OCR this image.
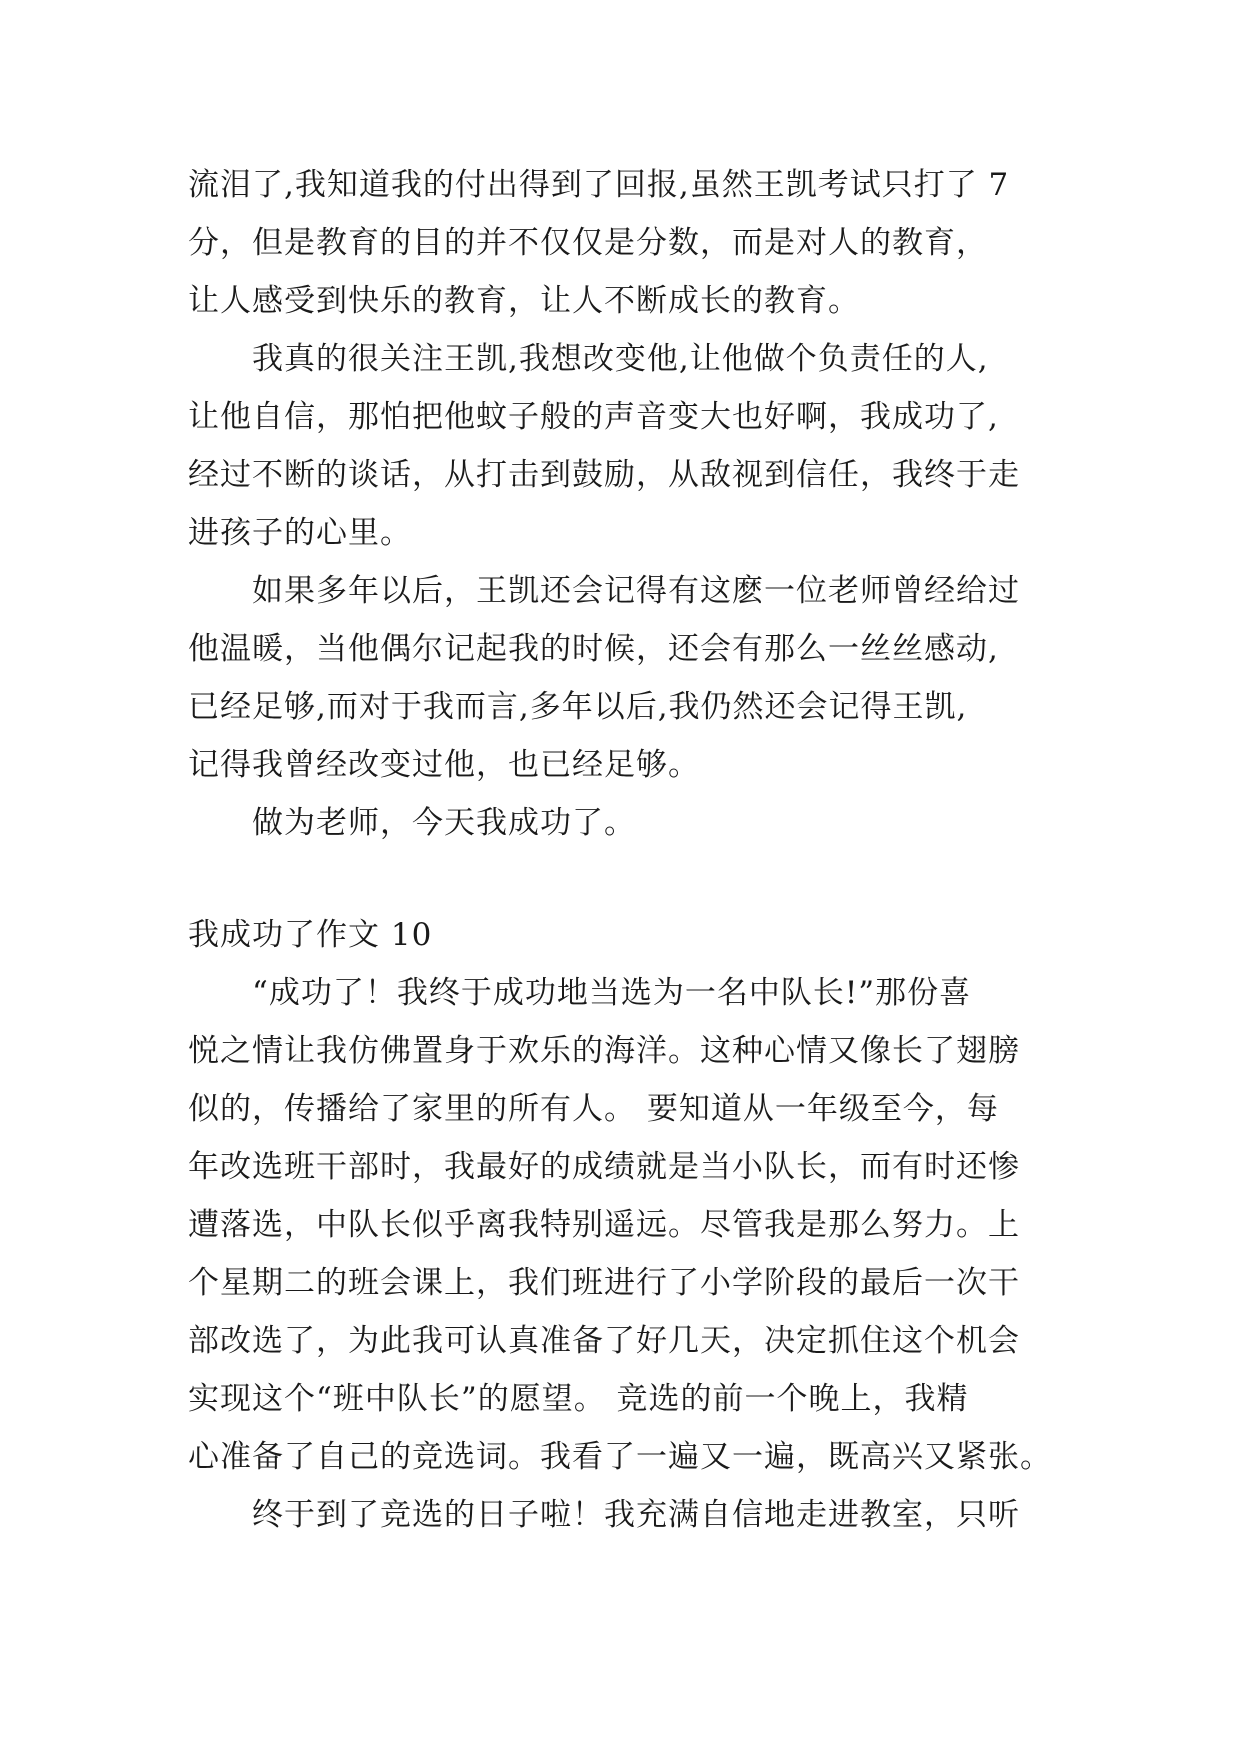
流泪了,我知道我的付出得到了回报,虽然王凯考试只打了 7
分，但是教育的目的并不仅仅是分数，而是对人的教育，
让人感受到快乐的教育，让人不断成长的教育。
我真的很关注王凯,我想改变他,让他做个负责任的人,
让他自信，那怕把他蚊子般的声音变大也好啊，我成功了,
经过不断的谈话，从打击到鼓励，从敌视到信任，我终于走
进孩子的心里。
如果多年以后，王凯还会记得有这麽一位老师曾经给过
他温暖，当他偶尔记起我的时候，还会有那么一丝丝感动,
已经足够,而对于我而言,多年以后,我仍然还会记得王凯,
记得我曾经改变过他，也已经足够。
做为老师，今天我成功了。
我成功了作文 10
“成功了！我终于成功地当选为一名中队长!”那份喜
悦之情让我仿佛置身于欢乐的海洋。这种心情又像长了翅膀
似的，传播给了家里的所有人。 要知道从一年级至今，每
年改选班干部时，我最好的成绩就是当小队长，而有时还惨
遭落选，中队长似乎离我特别遥远。尽管我是那么努力。上
个星期二的班会课上，我们班进行了小学阶段的最后一次干
部改选了，为此我可认真准备了好几天，决定抓住这个机会
实现这个“班中队长”的愿望。 竞选的前一个晚上，我精
心准备了自己的竞选词。我看了一遍又一遍，既高兴又紧张。
终于到了竞选的日子啦！我充满自信地走进教室，只听
